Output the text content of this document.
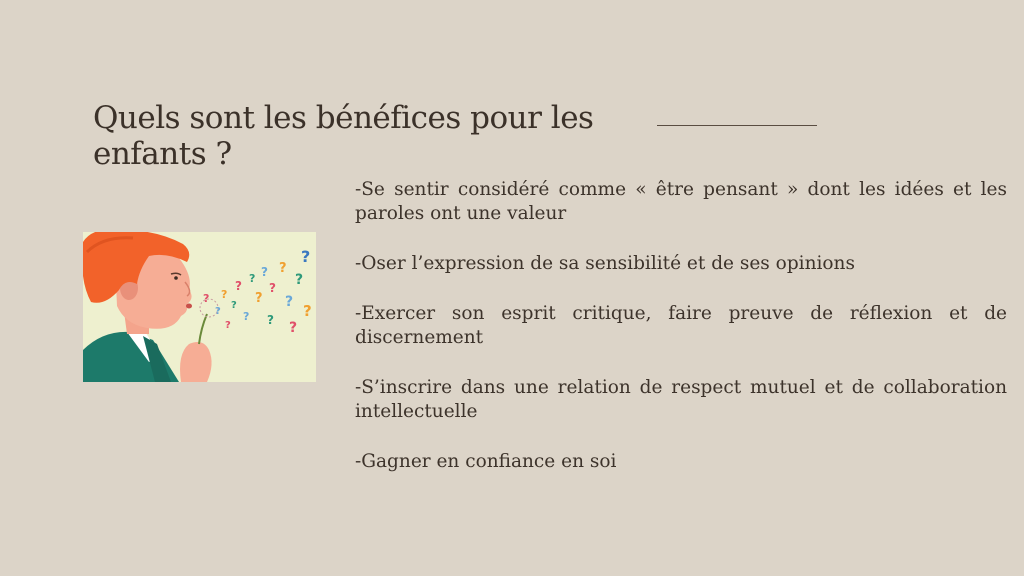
Quels sont les bénéfices pour les enfants ?
?
?
?
?
?
?
?
?
?
?
?
?
?
?
?
?
?
?

-Se sentir considéré comme « être pensant » dont les idées et les paroles ont une valeur

-Oser l’expression de sa sensibilité et de ses opinions

-Exercer son esprit critique, faire preuve de réflexion et de discernement

-S’inscrire dans une relation de respect mutuel et de collaboration intellectuelle

-Gagner en confiance en soi
